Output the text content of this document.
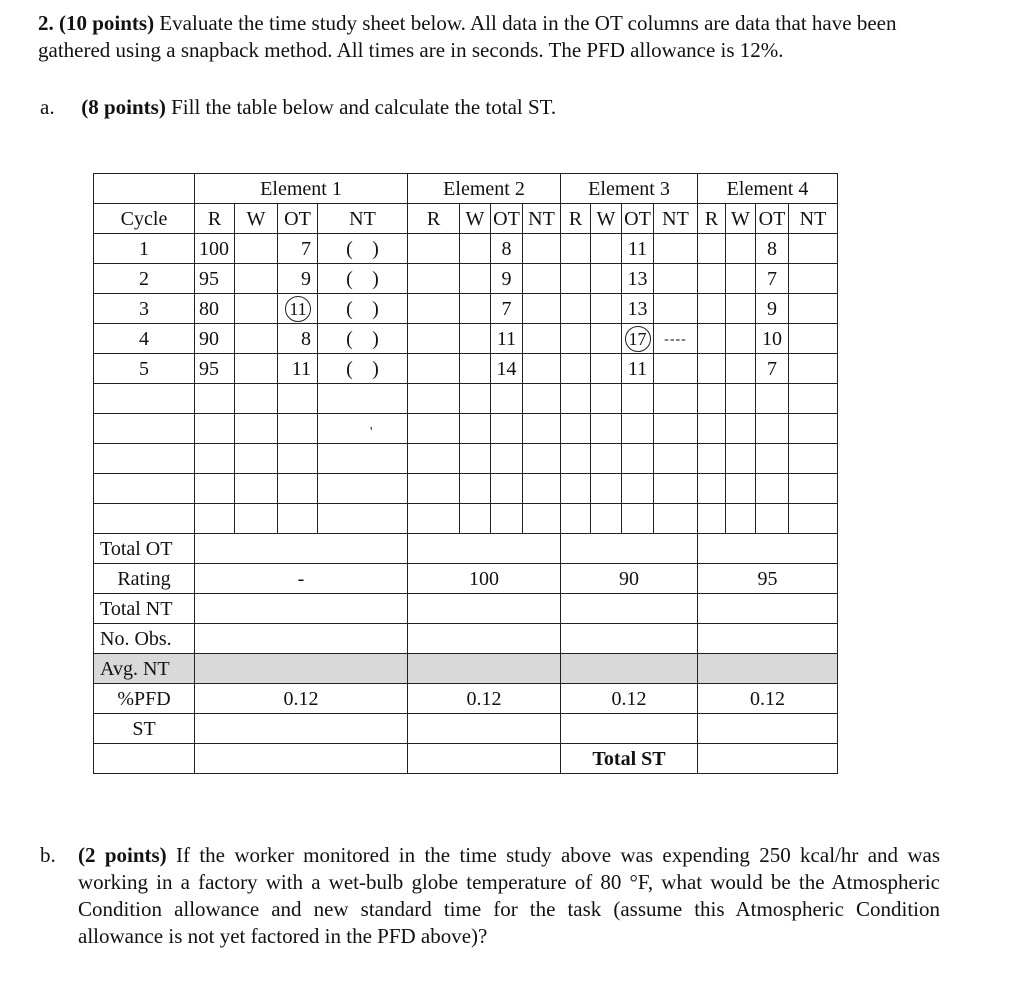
2. (10 points) Evaluate the time study sheet below. All data in the OT columns are data that have been gathered using a snapback method. All times are in seconds. The PFD allowance is 12%.

a. (8 points) Fill the table below and calculate the total ST.

	Element 1				Element 2				Element 3				Element 4			
Cycle	R	W	OT	NT	R	W	OT	NT	R	W	OT	NT	R	W	OT	NT
1	100		7	( )			8				11				8	
2	95		9	( )			9				13				7	
3	80		11	( )			7				13				9	
4	90		8	( )			11				17	----			10	
5	95		11	( )			14				11				7	

				'												

Total OT																
Rating	-				100				90				95			
Total NT																
No. Obs.																
Avg. NT																
%PFD	0.12				0.12				0.12				0.12			
ST																
									Total ST							
b.	(2 points) If the worker monitored in the time study above was expending 250 kcal/hr and was working in a factory with a wet-bulb globe temperature of 80 °F, what would be the Atmospheric Condition allowance and new standard time for the task (assume this Atmospheric Condition allowance is not yet factored in the PFD above)?
